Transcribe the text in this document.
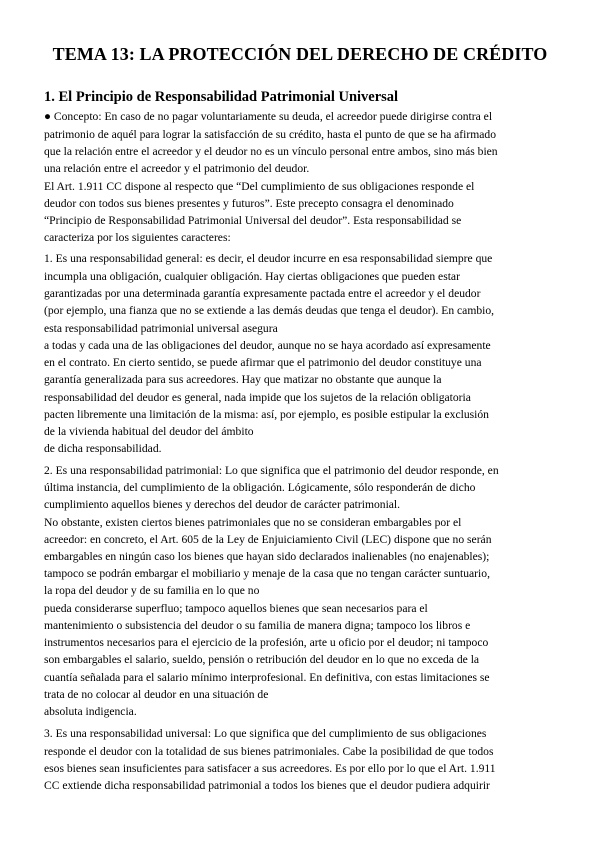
TEMA 13: LA PROTECCIÓN DEL DERECHO DE CRÉDITO
1. El Principio de Responsabilidad Patrimonial Universal
● Concepto: En caso de no pagar voluntariamente su deuda, el acreedor puede dirigirse contra el
patrimonio de aquél para lograr la satisfacción de su crédito, hasta el punto de que se ha afirmado
que la relación entre el acreedor y el deudor no es un vínculo personal entre ambos, sino más bien
una relación entre el acreedor y el patrimonio del deudor.
El Art. 1.911 CC dispone al respecto que “Del cumplimiento de sus obligaciones responde el
deudor con todos sus bienes presentes y futuros”. Este precepto consagra el denominado
“Principio de Responsabilidad Patrimonial Universal del deudor”. Esta responsabilidad se
caracteriza por los siguientes caracteres:
1. Es una responsabilidad general: es decir, el deudor incurre en esa responsabilidad siempre que
incumpla una obligación, cualquier obligación. Hay ciertas obligaciones que pueden estar
garantizadas por una determinada garantía expresamente pactada entre el acreedor y el deudor
(por ejemplo, una fianza que no se extiende a las demás deudas que tenga el deudor). En cambio,
esta responsabilidad patrimonial universal asegura
a todas y cada una de las obligaciones del deudor, aunque no se haya acordado así expresamente
en el contrato. En cierto sentido, se puede afirmar que el patrimonio del deudor constituye una
garantía generalizada para sus acreedores. Hay que matizar no obstante que aunque la
responsabilidad del deudor es general, nada impide que los sujetos de la relación obligatoria
pacten libremente una limitación de la misma: así, por ejemplo, es posible estipular la exclusión
de la vivienda habitual del deudor del ámbito
de dicha responsabilidad.
2. Es una responsabilidad patrimonial: Lo que significa que el patrimonio del deudor responde, en
última instancia, del cumplimiento de la obligación. Lógicamente, sólo responderán de dicho
cumplimiento aquellos bienes y derechos del deudor de carácter patrimonial.
No obstante, existen ciertos bienes patrimoniales que no se consideran embargables por el
acreedor: en concreto, el Art. 605 de la Ley de Enjuiciamiento Civil (LEC) dispone que no serán
embargables en ningún caso los bienes que hayan sido declarados inalienables (no enajenables);
tampoco se podrán embargar el mobiliario y menaje de la casa que no tengan carácter suntuario,
la ropa del deudor y de su familia en lo que no
pueda considerarse superfluo; tampoco aquellos bienes que sean necesarios para el
mantenimiento o subsistencia del deudor o su familia de manera digna; tampoco los libros e
instrumentos necesarios para el ejercicio de la profesión, arte u oficio por el deudor; ni tampoco
son embargables el salario, sueldo, pensión o retribución del deudor en lo que no exceda de la
cuantía señalada para el salario mínimo interprofesional. En definitiva, con estas limitaciones se
trata de no colocar al deudor en una situación de
absoluta indigencia.
3. Es una responsabilidad universal: Lo que significa que del cumplimiento de sus obligaciones
responde el deudor con la totalidad de sus bienes patrimoniales. Cabe la posibilidad de que todos
esos bienes sean insuficientes para satisfacer a sus acreedores. Es por ello por lo que el Art. 1.911
CC extiende dicha responsabilidad patrimonial a todos los bienes que el deudor pudiera adquirir
